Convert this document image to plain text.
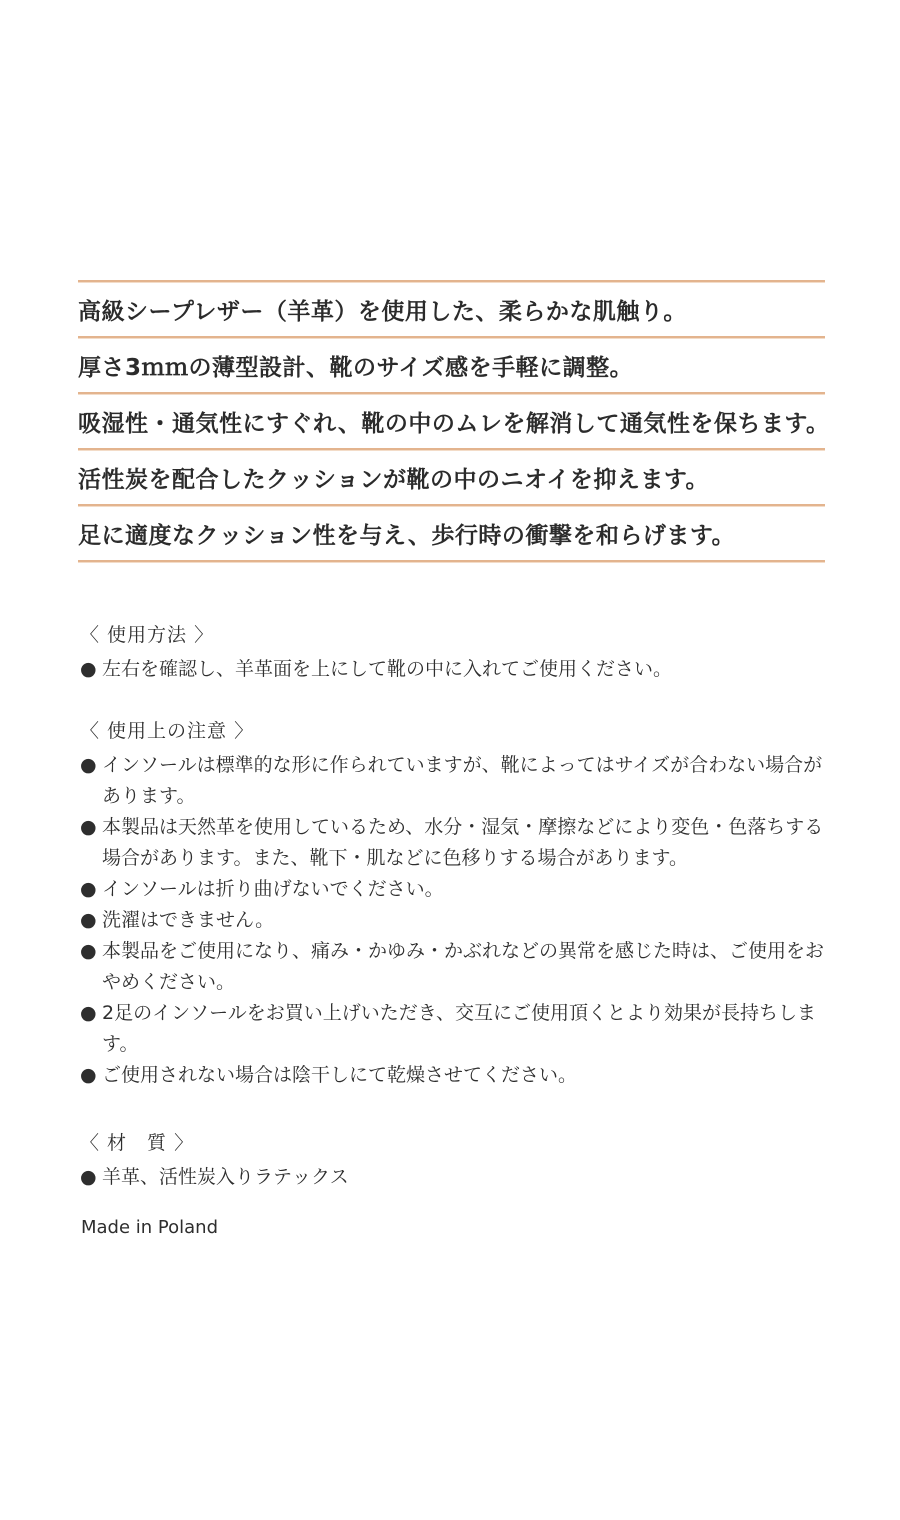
高級シープレザー（羊革）を使用した、柔らかな肌触り。
厚さ3ｍｍの薄型設計、靴のサイズ感を手軽に調整。
吸湿性・通気性にすぐれ、靴の中のムレを解消して通気性を保ちます。
活性炭を配合したクッションが靴の中のニオイを抑えます。
足に適度なクッション性を与え、歩行時の衝撃を和らげます。
〈 使用方法 〉
● 左右を確認し、羊革面を上にして靴の中に入れてご使用ください。
〈 使用上の注意 〉
● インソールは標準的な形に作られていますが、靴によってはサイズが合わない場合があります。
● 本製品は天然革を使用しているため、水分・湿気・摩擦などにより変色・色落ちする場合があります。また、靴下・肌などに色移りする場合があります。
● インソールは折り曲げないでください。
● 洗濯はできません。
● 本製品をご使用になり、痛み・かゆみ・かぶれなどの異常を感じた時は、ご使用をおやめください。
● 2足のインソールをお買い上げいただき、交互にご使用頂くとより効果が長持ちします。
● ご使用されない場合は陰干しにて乾燥させてください。
〈 材　質 〉
● 羊革、活性炭入りラテックス
Made in Poland
